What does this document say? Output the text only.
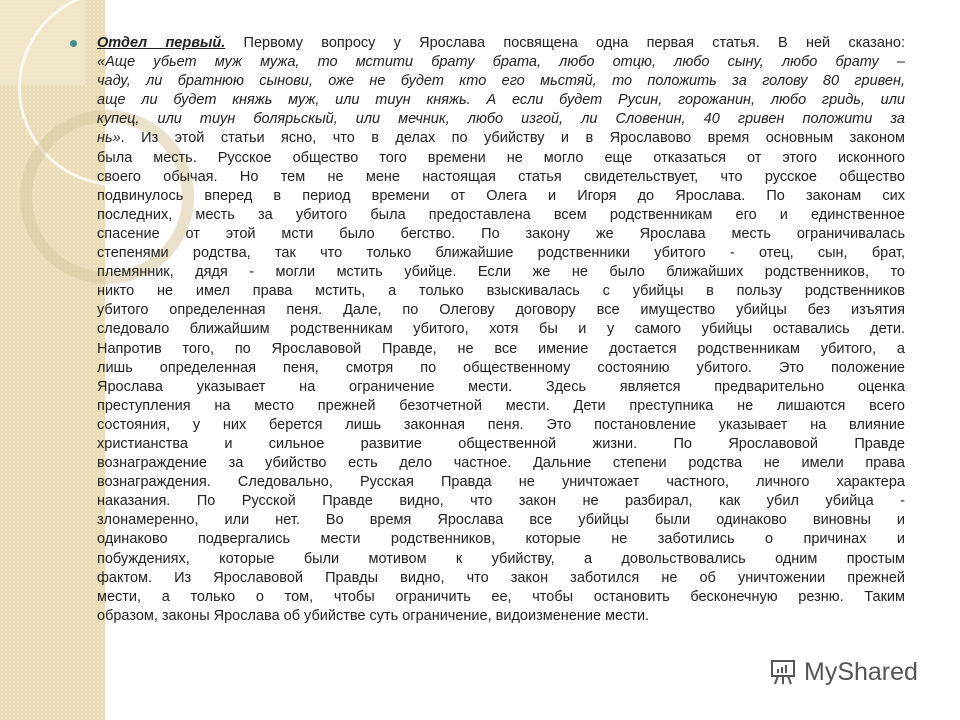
Отдел первый. Первому вопросу у Ярослава посвящена одна первая статья. В ней сказано:
«Аще убьет муж мужа, то мстити брату брата, любо отцю, любо сыну, любо брату –
чаду, ли братнюю сынови, оже не будет кто его мьстяй, то положить за голову 80 гривен,
аще ли будет княжь муж, или тиун княжь. А если будет Русин, горожанин, любо гридь, или
купец, или тиун болярьскый, или мечник, любо изгой, ли Словенин, 40 гривен положити за
нь». Из этой статьи ясно, что в делах по убийству и в Ярославово время основным законом
была месть. Русское общество того времени не могло еще отказаться от этого исконного
своего обычая. Но тем не мене настоящая статья свидетельствует, что русское общество
подвинулось вперед в период времени от Олега и Игоря до Ярослава. По законам сих
последних, месть за убитого была предоставлена всем родственникам его и единственное
спасение от этой мсти было бегство. По закону же Ярослава месть ограничивалась
степенями родства, так что только ближайшие родственники убитого - отец, сын, брат,
племянник, дядя - могли мстить убийце. Если же не было ближайших родственников, то
никто не имел права мстить, а только взыскивалась с убийцы в пользу родственников
убитого определенная пеня. Дале, по Олегову договору все имущество убийцы без изъятия
следовало ближайшим родственникам убитого, хотя бы и у самого убийцы оставались дети.
Напротив того, по Ярославовой Правде, не все имение достается родственникам убитого, а
лишь определенная пеня, смотря по общественному состоянию убитого. Это положение
Ярослава указывает на ограничение мести. Здесь является предварительно оценка
преступления на место прежней безотчетной мести. Дети преступника не лишаются всего
состояния, у них берется лишь законная пеня. Это постановление указывает на влияние
христианства и сильное развитие общественной жизни. По Ярославовой Правде
вознаграждение за убийство есть дело частное. Дальние степени родства не имели права
вознаграждения. Следовально, Русская Правда не уничтожает частного, личного характера
наказания. По Русской Правде видно, что закон не разбирал, как убил убийца -
злонамеренно, или нет. Во время Ярослава все убийцы были одинаково виновны и
одинаково подвергались мести родственников, которые не заботились о причинах и
побуждениях, которые были мотивом к убийству, а довольствовались одним простым
фактом. Из Ярославовой Правды видно, что закон заботился не об уничтожении прежней
мести, а только о том, чтобы ограничить ее, чтобы остановить бесконечную резню. Таким
образом, законы Ярослава об убийстве суть ограничение, видоизменение мести.
MyShared
